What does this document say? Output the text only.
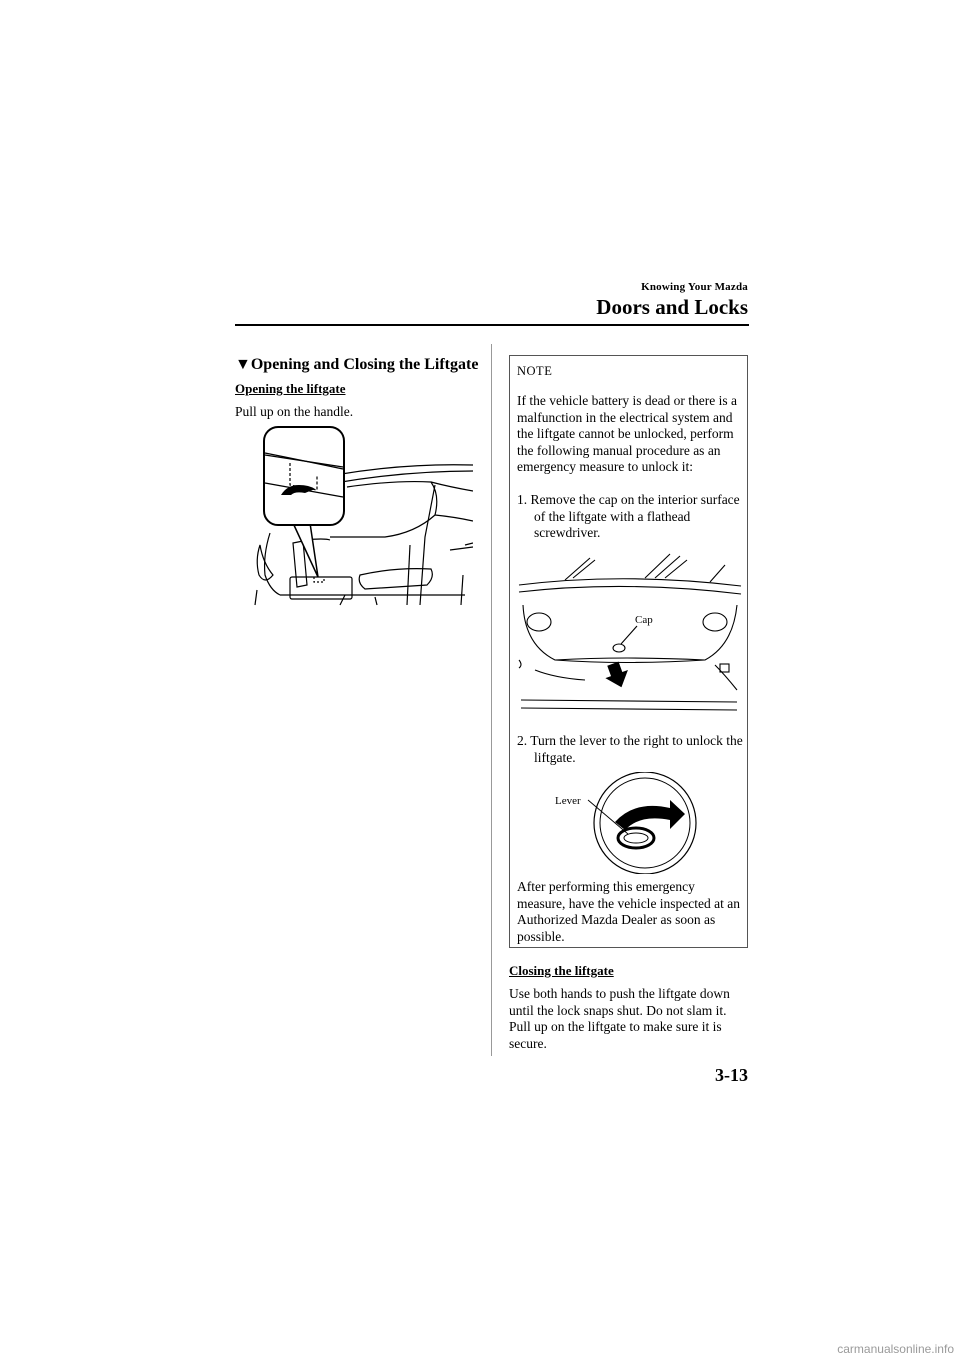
Knowing Your Mazda
Doors and Locks
▼Opening and Closing the Liftgate
Opening the liftgate
Pull up on the handle.
NOTE
If the vehicle battery is dead or there is a malfunction in the electrical system and the liftgate cannot be unlocked, perform the following manual procedure as an emergency measure to unlock it:
1. Remove the cap on the interior surface of the liftgate with a flathead screwdriver.
Cap
2. Turn the lever to the right to unlock the liftgate.
Lever
After performing this emergency measure, have the vehicle inspected at an Authorized Mazda Dealer as soon as possible.
Closing the liftgate
Use both hands to push the liftgate down until the lock snaps shut. Do not slam it. Pull up on the liftgate to make sure it is secure.
3-13
carmanualsonline.info
